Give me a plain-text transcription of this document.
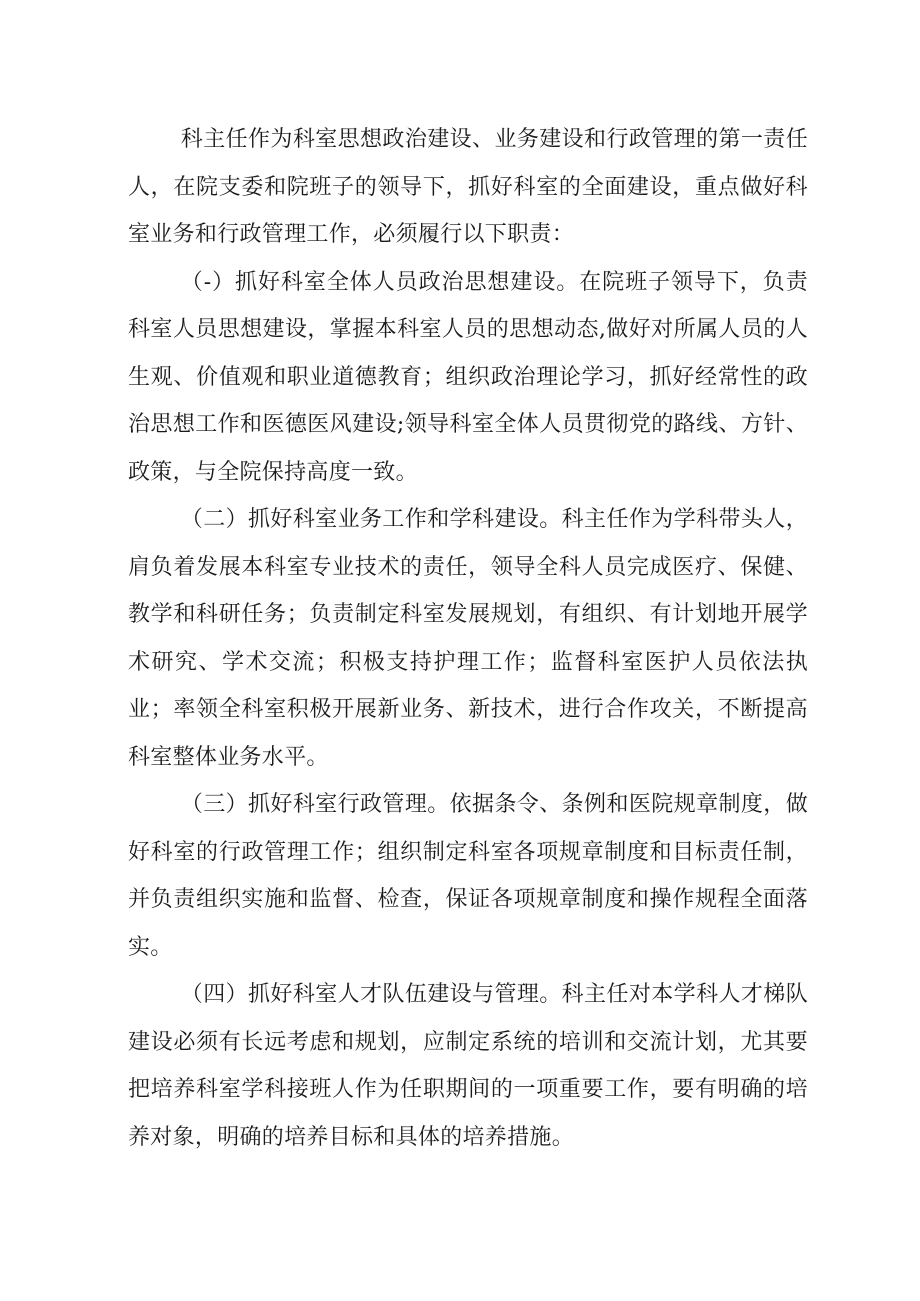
科主任作为科室思想政治建设、业务建设和行政管理的第一责任人，在院支委和院班子的领导下，抓好科室的全面建设，重点做好科室业务和行政管理工作，必须履行以下职责：

（-）抓好科室全体人员政治思想建设。在院班子领导下，负责科室人员思想建设，掌握本科室人员的思想动态,做好对所属人员的人生观、价值观和职业道德教育；组织政治理论学习，抓好经常性的政治思想工作和医德医风建设;领导科室全体人员贯彻党的路线、方针、政策，与全院保持高度一致。

（二）抓好科室业务工作和学科建设。科主任作为学科带头人，肩负着发展本科室专业技术的责任，领导全科人员完成医疗、保健、教学和科研任务；负责制定科室发展规划，有组织、有计划地开展学术研究、学术交流；积极支持护理工作；监督科室医护人员依法执业；率领全科室积极开展新业务、新技术，进行合作攻关，不断提高科室整体业务水平。

（三）抓好科室行政管理。依据条令、条例和医院规章制度，做好科室的行政管理工作；组织制定科室各项规章制度和目标责任制，并负责组织实施和监督、检查，保证各项规章制度和操作规程全面落实。

（四）抓好科室人才队伍建设与管理。科主任对本学科人才梯队建设必须有长远考虑和规划，应制定系统的培训和交流计划，尤其要把培养科室学科接班人作为任职期间的一项重要工作，要有明确的培养对象，明确的培养目标和具体的培养措施。
